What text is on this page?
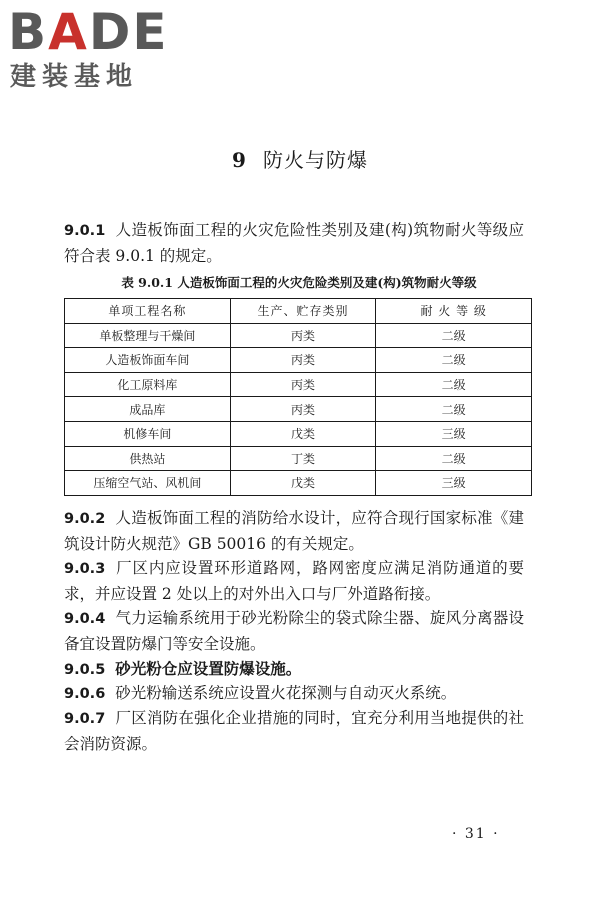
BADE
建装基地
9 防火与防爆
9.0.1 人造板饰面工程的火灾危险性类别及建(构)筑物耐火等级应符合表 9.0.1 的规定。
表 9.0.1 人造板饰面工程的火灾危险类别及建(构)筑物耐火等级
单项工程名称	生产、贮存类别	耐 火 等 级
单板整理与干燥间	丙类	二级
人造板饰面车间	丙类	二级
化工原料库	丙类	二级
成品库	丙类	二级
机修车间	戊类	三级
供热站	丁类	二级
压缩空气站、风机间	戊类	三级
9.0.2 人造板饰面工程的消防给水设计，应符合现行国家标准《建筑设计防火规范》GB 50016 的有关规定。
9.0.3 厂区内应设置环形道路网，路网密度应满足消防通道的要求，并应设置 2 处以上的对外出入口与厂外道路衔接。
9.0.4 气力运输系统用于砂光粉除尘的袋式除尘器、旋风分离器设备宜设置防爆门等安全设施。
9.0.5 砂光粉仓应设置防爆设施。
9.0.6 砂光粉输送系统应设置火花探测与自动灭火系统。
9.0.7 厂区消防在强化企业措施的同时，宜充分利用当地提供的社会消防资源。
· 31 ·
